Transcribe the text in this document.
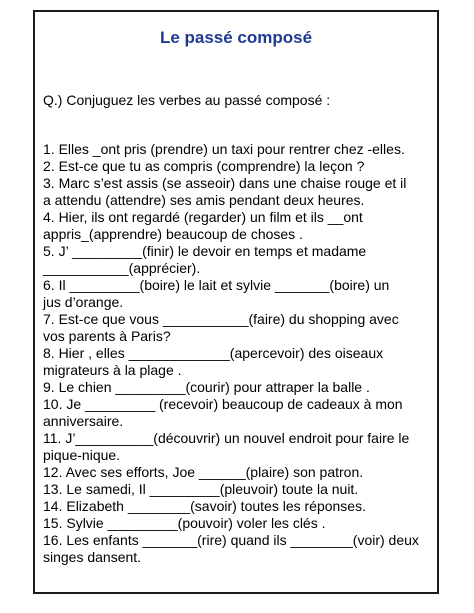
Le passé composé
Q.) Conjuguez les verbes au passé composé :
1. Elles _ont pris (prendre) un taxi pour rentrer chez -elles.
2. Est-ce que tu as compris (comprendre) la leçon ?
3. Marc s’est assis (se asseoir) dans une chaise rouge et il
a attendu (attendre) ses amis pendant deux heures.
4. Hier, ils ont regardé (regarder) un film et ils __ont
appris_(apprendre) beaucoup de choses .
5. J’ _________(finir) le devoir en temps et madame
___________(apprécier).
6. Il _________(boire) le lait et sylvie _______(boire) un
jus d’orange.
7. Est-ce que vous ___________(faire) du shopping avec
vos parents à Paris?
8. Hier , elles _____________(apercevoir) des oiseaux
migrateurs à la plage .
9. Le chien _________(courir) pour attraper la balle .
10. Je _________ (recevoir) beaucoup de cadeaux à mon
anniversaire.
11. J’__________(découvrir) un nouvel endroit pour faire le
pique-nique.
12. Avec ses efforts, Joe ______(plaire) son patron.
13. Le samedi, Il _________(pleuvoir) toute la nuit.
14. Elizabeth ________(savoir) toutes les réponses.
15. Sylvie _________(pouvoir) voler les clés .
16. Les enfants _______(rire) quand ils ________(voir) deux
singes dansent.
